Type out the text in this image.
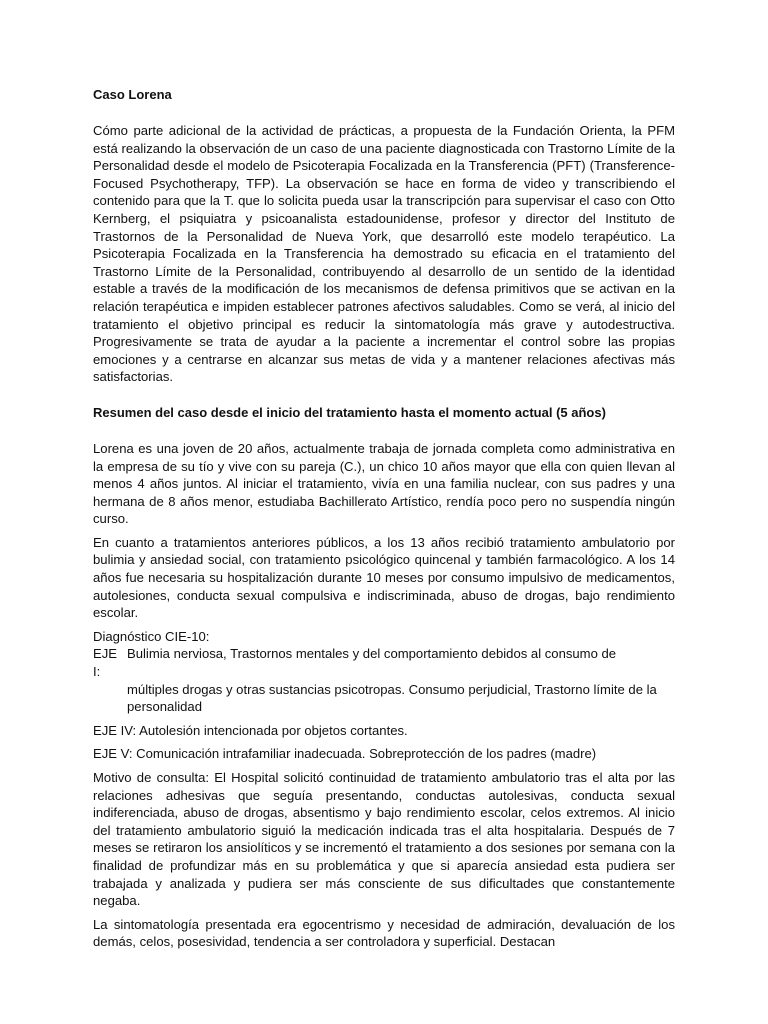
Caso Lorena

Cómo parte adicional de la actividad de prácticas, a propuesta de la Fundación Orienta, la PFM está realizando la observación de un caso de una paciente diagnosticada con Trastorno Límite de la Personalidad desde el modelo de Psicoterapia Focalizada en la Transferencia (PFT) (Transference-Focused Psychotherapy, TFP). La observación se hace en forma de video y transcribiendo el contenido para que la T. que lo solicita pueda usar la transcripción para supervisar el caso con Otto Kernberg, el psiquiatra y psicoanalista estadounidense, profesor y director del Instituto de Trastornos de la Personalidad de Nueva York, que desarrolló este modelo terapéutico. La Psicoterapia Focalizada en la Transferencia ha demostrado su eficacia en el tratamiento del Trastorno Límite de la Personalidad, contribuyendo al desarrollo de un sentido de la identidad estable a través de la modificación de los mecanismos de defensa primitivos que se activan en la relación terapéutica e impiden establecer patrones afectivos saludables. Como se verá, al inicio del tratamiento el objetivo principal es reducir la sintomatología más grave y autodestructiva. Progresivamente se trata de ayudar a la paciente a incrementar el control sobre las propias emociones y a centrarse en alcanzar sus metas de vida y a mantener relaciones afectivas más satisfactorias.

Resumen del caso desde el inicio del tratamiento hasta el momento actual (5 años)

Lorena es una joven de 20 años, actualmente trabaja de jornada completa como administrativa en la empresa de su tío y vive con su pareja (C.), un chico 10 años mayor que ella con quien llevan al menos 4 años juntos. Al iniciar el tratamiento, vivía en una familia nuclear, con sus padres y una hermana de 8 años menor, estudiaba Bachillerato Artístico, rendía poco pero no suspendía ningún curso.

En cuanto a tratamientos anteriores públicos, a los 13 años recibió tratamiento ambulatorio por bulimia y ansiedad social, con tratamiento psicológico quincenal y también farmacológico. A los 14 años fue necesaria su hospitalización durante 10 meses por consumo impulsivo de medicamentos, autolesiones, conducta sexual compulsiva e indiscriminada, abuso de drogas, bajo rendimiento escolar.

Diagnóstico CIE-10:

EJE I:
Bulimia nerviosa, Trastornos mentales y del comportamiento debidos al consumo de
múltiples drogas y otras sustancias psicotropas. Consumo perjudicial, Trastorno límite de la personalidad

EJE IV: Autolesión intencionada por objetos cortantes.

EJE V: Comunicación intrafamiliar inadecuada. Sobreprotección de los padres (madre)

Motivo de consulta: El Hospital solicitó continuidad de tratamiento ambulatorio tras el alta por las relaciones adhesivas que seguía presentando, conductas autolesivas, conducta sexual indiferenciada, abuso de drogas, absentismo y bajo rendimiento escolar, celos extremos. Al inicio del tratamiento ambulatorio siguió la medicación indicada tras el alta hospitalaria. Después de 7 meses se retiraron los ansiolíticos y se incrementó el tratamiento a dos sesiones por semana con la finalidad de profundizar más en su problemática y que si aparecía ansiedad esta pudiera ser trabajada y analizada y pudiera ser más consciente de sus dificultades que constantemente negaba.

La sintomatología presentada era egocentrismo y necesidad de admiración, devaluación de los demás, celos, posesividad, tendencia a ser controladora y superficial. Destacan
